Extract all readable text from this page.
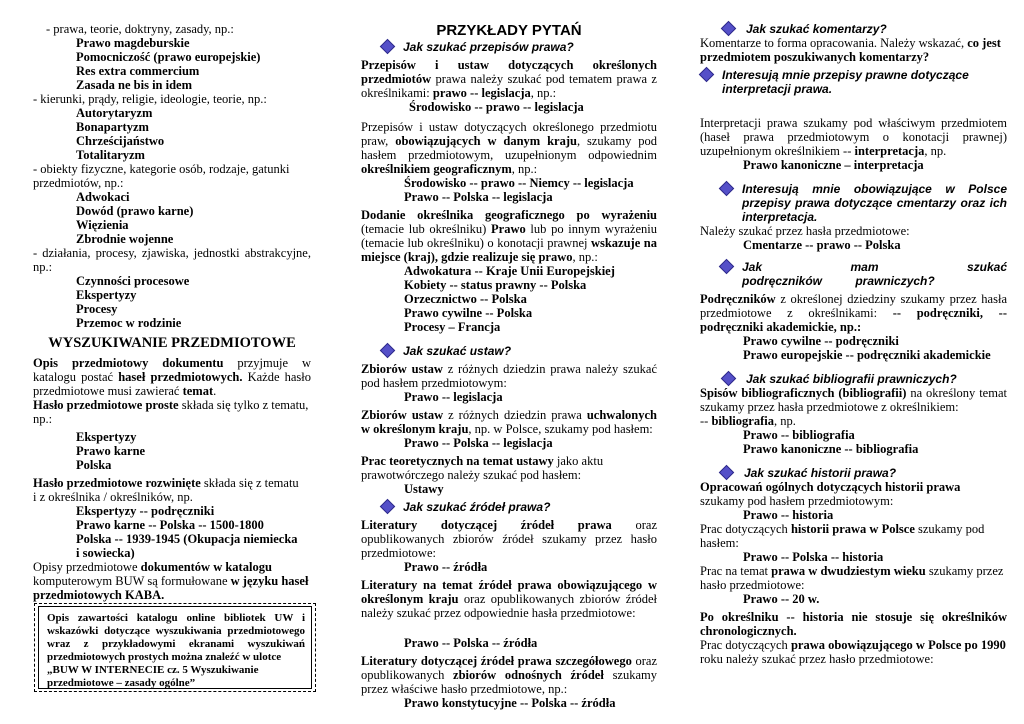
- prawa, teorie, doktryny, zasady, np.:

Prawo magdeburskie

Pomocniczość (prawo europejskie)

Res extra commercium

Zasada ne bis in idem

- kierunki, prądy, religie, ideologie, teorie, np.:

Autorytaryzm

Bonapartyzm

Chrześcijaństwo

Totalitaryzm

- obiekty fizyczne, kategorie osób, rodzaje, gatunki

przedmiotów, np.:

Adwokaci

Dowód (prawo karne)

Więzienia

Zbrodnie wojenne

- działania, procesy, zjawiska, jednostki abstrakcyjne,

np.:

Czynności procesowe

Ekspertyzy

Procesy

Przemoc w rodzinie

WYSZUKIWANIE PRZEDMIOTOWE

Opis przedmiotowy dokumentu przyjmuje w katalogu postać haseł przedmiotowych. Każde hasło przedmiotowe musi zawierać temat.

Hasło przedmiotowe proste składa się tylko z tematu, np.:

Ekspertyzy

Prawo karne

Polska

Hasło przedmiotowe rozwinięte składa się z tematu

i z określnika / określników, np.

Ekspertyzy -- podręczniki

Prawo karne -- Polska -- 1500-1800

Polska -- 1939-1945 (Okupacja niemiecka

i sowiecka)

Opisy przedmiotowe dokumentów w katalogu komputerowym BUW są formułowane w języku haseł przedmiotowych KABA.

Opis zawartości katalogu online bibliotek UW i wskazówki dotyczące wyszukiwania przedmiotowego wraz z przykładowymi ekranami wyszukiwań przedmiotowych prostych można znaleźć w ulotce

„BUW W INTERNECIE cz. 5 Wyszukiwanie przedmiotowe – zasady ogólne”

PRZYKŁADY PYTAŃ
Jak szukać przepisów prawa?

Przepisów i ustaw dotyczących określonych przedmiotów prawa należy szukać pod tematem prawa z określnikami: prawo -- legislacja, np.:

Środowisko -- prawo -- legislacja

Przepisów i ustaw dotyczących określonego przedmiotu praw, obowiązujących w danym kraju, szukamy pod hasłem przedmiotowym, uzupełnionym odpowiednim określnikiem geograficznym, np.:

Środowisko -- prawo -- Niemcy -- legislacja

Prawo -- Polska -- legislacja

Dodanie określnika geograficznego po wyrażeniu (temacie lub określniku) Prawo lub po innym wyrażeniu (temacie lub określniku) o konotacji prawnej wskazuje na miejsce (kraj), gdzie realizuje się prawo, np.:

Adwokatura -- Kraje Unii Europejskiej

Kobiety -- status prawny -- Polska

Orzecznictwo -- Polska

Prawo cywilne -- Polska

Procesy – Francja

Jak szukać ustaw?

Zbiorów ustaw z różnych dziedzin prawa należy szukać pod hasłem przedmiotowym:

Prawo -- legislacja

Zbiorów ustaw z różnych dziedzin prawa uchwalonych w określonym kraju, np. w Polsce, szukamy pod hasłem:

Prawo -- Polska -- legislacja

Prac teoretycznych na temat ustawy jako aktu prawotwórczego należy szukać pod hasłem:

Ustawy

Jak szukać źródeł prawa?

Literatury dotyczącej źródeł prawa oraz opublikowanych zbiorów źródeł szukamy przez hasło przedmiotowe:

Prawo -- źródła

Literatury na temat źródeł prawa obowiązującego w określonym kraju oraz opublikowanych zbiorów źródeł należy szukać przez odpowiednie hasła przedmiotowe:

Prawo -- Polska -- źródła

Literatury dotyczącej źródeł prawa szczegółowego oraz opublikowanych zbiorów odnośnych źródeł szukamy przez właściwe hasło przedmiotowe, np.:

Prawo konstytucyjne -- Polska -- źródła

Jak szukać komentarzy?

Komentarze to forma opracowania. Należy wskazać, co jest przedmiotem poszukiwanych komentarzy?

Interesują mnie przepisy prawne dotyczące interpretacji prawa.

Interpretacji prawa szukamy pod właściwym przedmiotem (haseł prawa przedmiotowym o konotacji prawnej) uzupełnionym określnikiem -- interpretacja, np.

Prawo kanoniczne – interpretacja

Interesują mnie obowiązujące w Polsce przepisy prawa dotyczące cmentarzy oraz ich interpretacja.

Należy szukać przez hasła przedmiotowe:

Cmentarze -- prawo -- Polska

Jak mam szukać podręczników prawniczych?

Podręczników z określonej dziedziny szukamy przez hasła przedmiotowe z określnikami: -- podręczniki, -- podręczniki akademickie, np.:

Prawo cywilne -- podręczniki

Prawo europejskie -- podręczniki akademickie

Jak szukać bibliografii prawniczych?

Spisów bibliograficznych (bibliografii) na określony temat szukamy przez hasła przedmiotowe z określnikiem:

-- bibliografia, np.

Prawo -- bibliografia

Prawo kanoniczne -- bibliografia

Jak szukać historii prawa?

Opracowań ogólnych dotyczących historii prawa szukamy pod hasłem przedmiotowym:

Prawo -- historia

Prac dotyczących historii prawa w Polsce szukamy pod hasłem:

Prawo -- Polska -- historia

Prac na temat prawa w dwudziestym wieku szukamy przez hasło przedmiotowe:

Prawo -- 20 w.

Po określniku -- historia nie stosuje się określników chronologicznych.

Prac dotyczących prawa obowiązującego w Polsce po 1990 roku należy szukać przez hasło przedmiotowe:
